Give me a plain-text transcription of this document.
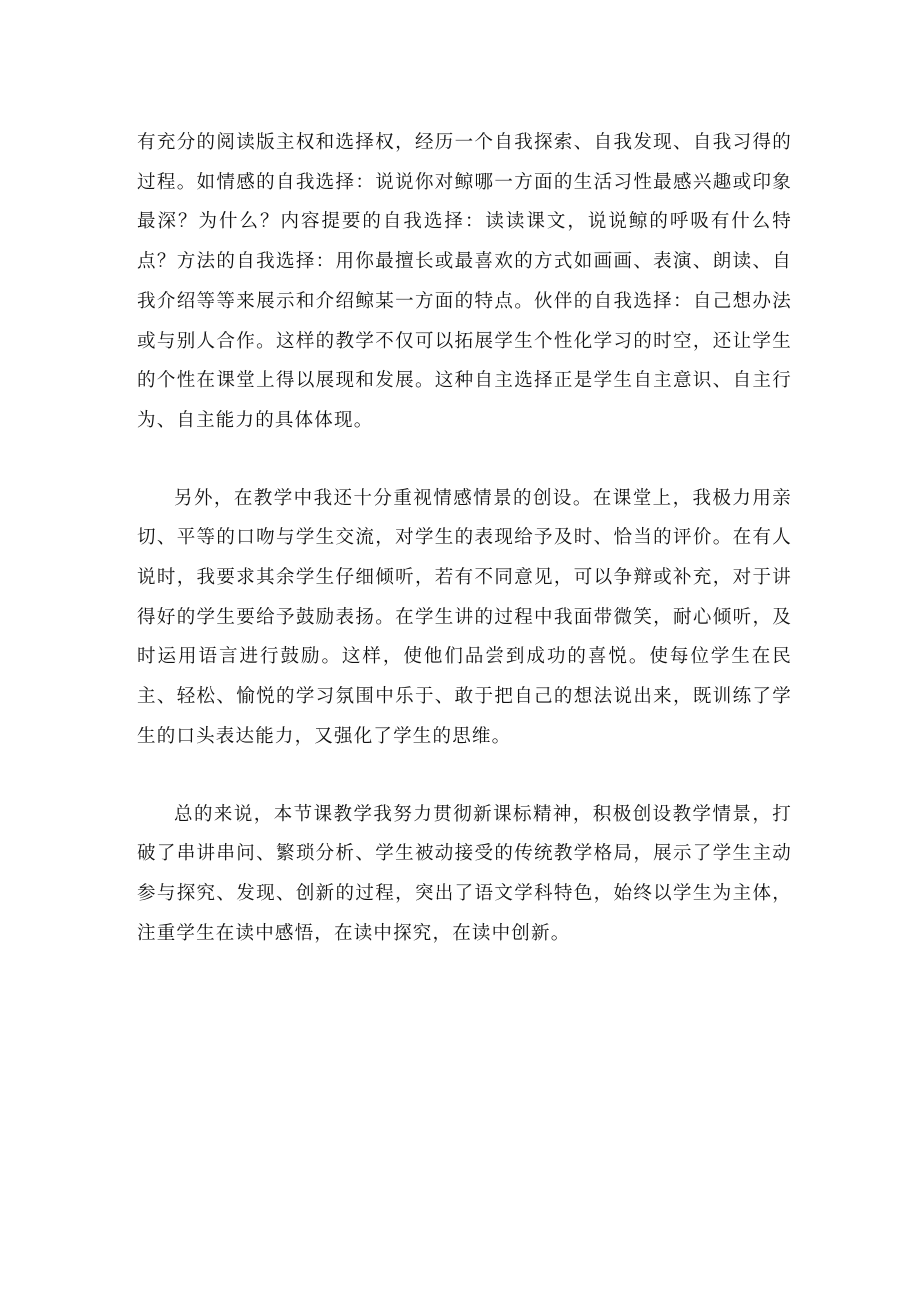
有充分的阅读版主权和选择权，经历一个自我探索、自我发现、自我习得的过程。如情感的自我选择：说说你对鲸哪一方面的生活习性最感兴趣或印象最深？为什么？内容提要的自我选择：读读课文，说说鲸的呼吸有什么特点？方法的自我选择：用你最擅长或最喜欢的方式如画画、表演、朗读、自我介绍等等来展示和介绍鲸某一方面的特点。伙伴的自我选择：自己想办法或与别人合作。这样的教学不仅可以拓展学生个性化学习的时空，还让学生的个性在课堂上得以展现和发展。这种自主选择正是学生自主意识、自主行为、自主能力的具体体现。

另外，在教学中我还十分重视情感情景的创设。在课堂上，我极力用亲切、平等的口吻与学生交流，对学生的表现给予及时、恰当的评价。在有人说时，我要求其余学生仔细倾听，若有不同意见，可以争辩或补充，对于讲得好的学生要给予鼓励表扬。在学生讲的过程中我面带微笑，耐心倾听，及时运用语言进行鼓励。这样，使他们品尝到成功的喜悦。使每位学生在民主、轻松、愉悦的学习氛围中乐于、敢于把自己的想法说出来，既训练了学生的口头表达能力，又强化了学生的思维。

总的来说，本节课教学我努力贯彻新课标精神，积极创设教学情景，打破了串讲串问、繁琐分析、学生被动接受的传统教学格局，展示了学生主动参与探究、发现、创新的过程，突出了语文学科特色，始终以学生为主体，注重学生在读中感悟，在读中探究，在读中创新。
